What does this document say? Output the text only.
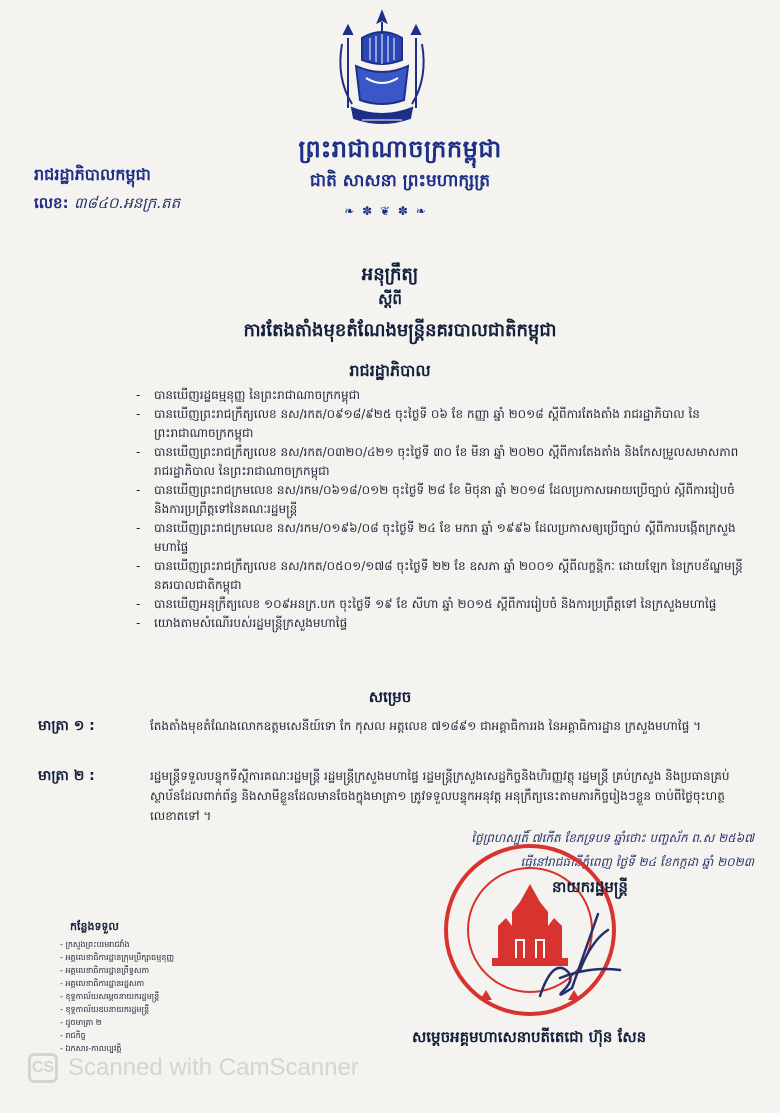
ព្រះរាជាណាចក្រកម្ពុជា
ជាតិ សាសនា ព្រះមហាក្សត្រ
❧ ✽ ❦ ✽ ❧
រាជរដ្ឋាភិបាលកម្ពុជា
លេខ: ៣៨៤០.អនក្រ.តត
អនុក្រឹត្យ
ស្ដីពី
ការតែងតាំងមុខតំណែងមន្ត្រីនគរបាលជាតិកម្ពុជា
រាជរដ្ឋាភិបាល
- បានឃើញរដ្ឋធម្មនុញ្ញ នៃព្រះរាជាណាចក្រកម្ពុជា
- បានឃើញព្រះរាជក្រឹត្យលេខ នស/រកត/០៩១៨/៩២៥ ចុះថ្ងៃទី ០៦ ខែ កញ្ញា ឆ្នាំ ២០១៨ ស្ដីពីការតែងតាំង រាជរដ្ឋាភិបាល នៃព្រះរាជាណាចក្រកម្ពុជា
- បានឃើញព្រះរាជក្រឹត្យលេខ នស/រកត/០៣២០/៤២១ ចុះថ្ងៃទី ៣០ ខែ មីនា ឆ្នាំ ២០២០ ស្ដីពីការតែងតាំង និងកែសម្រួលសមាសភាពរាជរដ្ឋាភិបាល នៃព្រះរាជាណាចក្រកម្ពុជា
- បានឃើញព្រះរាជក្រមលេខ នស/រកម/០៦១៨/០១២ ចុះថ្ងៃទី ២៨ ខែ មិថុនា ឆ្នាំ ២០១៨ ដែលប្រកាសអោយប្រើច្បាប់ ស្ដីពីការរៀបចំ និងការប្រព្រឹត្តទៅនៃគណៈរដ្ឋមន្ត្រី
- បានឃើញព្រះរាជក្រមលេខ នស/រកម/០១៩៦/០៨ ចុះថ្ងៃទី ២៤ ខែ មករា ឆ្នាំ ១៩៩៦ ដែលប្រកាសឲ្យប្រើច្បាប់ ស្ដីពីការបង្កើតក្រសួងមហាផ្ទៃ
- បានឃើញព្រះរាជក្រឹត្យលេខ នស/រកត/០៥០១/១៧៨ ចុះថ្ងៃទី ២២ ខែ ឧសភា ឆ្នាំ ២០០១ ស្ដីពីលក្ខន្តិកៈ ដោយឡែក នៃក្របខ័ណ្ឌមន្ត្រីនគរបាលជាតិកម្ពុជា
- បានឃើញអនុក្រឹត្យលេខ ១០៩អនក្រ.បក ចុះថ្ងៃទី ១៩ ខែ សីហា ឆ្នាំ ២០១៥ ស្ដីពីការរៀបចំ និងការប្រព្រឹត្តទៅ នៃក្រសួងមហាផ្ទៃ
- យោងតាមសំណើរបស់រដ្ឋមន្ត្រីក្រសួងមហាផ្ទៃ
សម្រេច
មាត្រា ១ :	តែងតាំងមុខតំណែងលោកឧត្តមសេនីយ៍ទោ កែ កុសល អត្តលេខ ៧១៨៩១ ជាអគ្គាធិការរង នៃអគ្គាធិការដ្ឋាន ក្រសួងមហាផ្ទៃ ។
មាត្រា ២ :	រដ្ឋមន្ត្រីទទួលបន្ទុកទីស្ដីការគណៈរដ្ឋមន្ត្រី រដ្ឋមន្ត្រីក្រសួងមហាផ្ទៃ រដ្ឋមន្ត្រីក្រសួងសេដ្ឋកិច្ចនិងហិរញ្ញវត្ថុ រដ្ឋមន្ត្រី គ្រប់ក្រសួង និងប្រធានគ្រប់ស្ថាប័នដែលពាក់ព័ន្ធ និងសាមីខ្លួនដែលមានចែងក្នុងមាត្រា១ ត្រូវទទួលបន្ទុកអនុវត្ត អនុក្រឹត្យនេះតាមភារកិច្ចរៀងៗខ្លួន ចាប់ពីថ្ងៃចុះហត្ថលេខាតទៅ ។
ថ្ងៃព្រហស្បតិ៍ ៧កើត ខែភទ្របទ ឆ្នាំថោះ បញ្ចស័ក ព.ស ២៥៦៧
ធ្វើនៅរាជធានីភ្នំពេញ ថ្ងៃទី ២៤ ខែកក្កដា ឆ្នាំ ២០២៣
នាយករដ្ឋមន្ត្រី
សម្ដេចអគ្គមហាសេនាបតីតេជោ ហ៊ុន សែន
កន្លែងទទួល
- ក្រសួងព្រះបរមរាជវាំង
- អគ្គលេខាធិការដ្ឋានក្រុមប្រឹក្សាធម្មនុញ្ញ
- អគ្គលេខាធិការដ្ឋានព្រឹទ្ធសភា
- អគ្គលេខាធិការដ្ឋានរដ្ឋសភា
- ខុទ្ទកាល័យសម្ដេចនាយករដ្ឋមន្ត្រី
- ខុទ្ទកាល័យឧបនាយករដ្ឋមន្ត្រី
- ដូចមាត្រា ២
- រាជកិច្ច
- ឯកសារ-កាលប្បវត្តិ
CS Scanned with CamScanner
